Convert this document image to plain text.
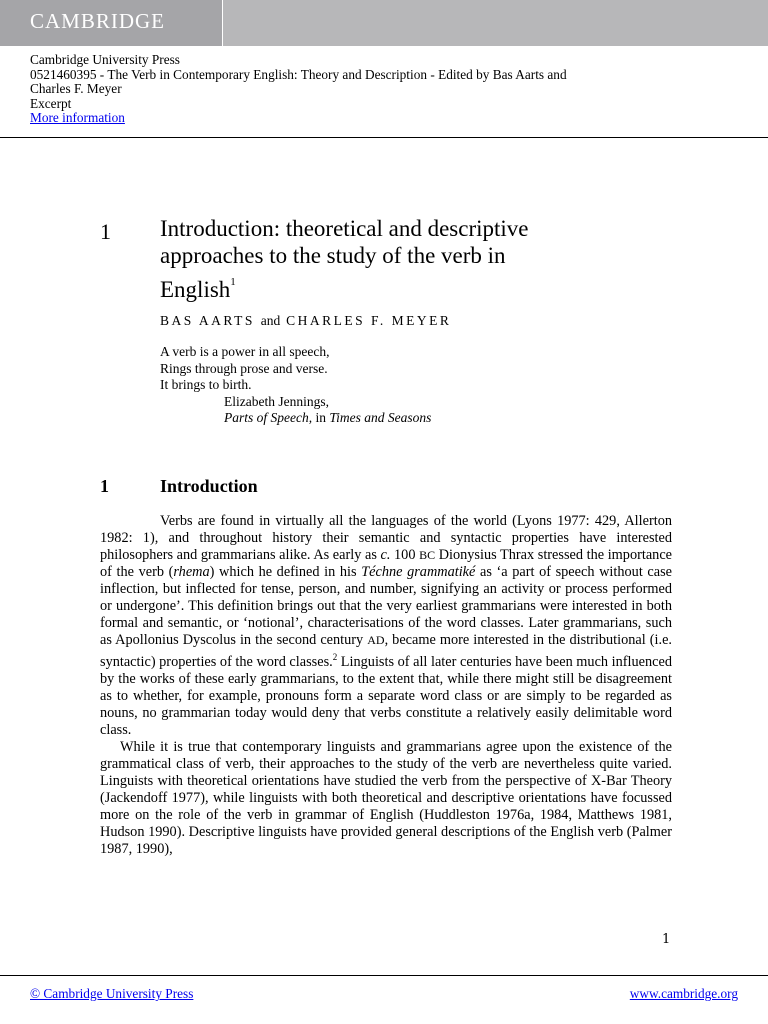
CAMBRIDGE
Cambridge University Press
0521460395 - The Verb in Contemporary English: Theory and Description - Edited by Bas Aarts and
Charles F. Meyer
Excerpt
More information
1 Introduction: theoretical and descriptive
approaches to the study of the verb in
English$^1$
BAS AARTS and CHARLES F. MEYER
A verb is a power in all speech,
Rings through prose and verse.
It brings to birth.
Elizabeth Jennings,
Parts of Speech, in Times and Seasons
1	Introduction

Verbs are found in virtually all the languages of the world (Lyons 1977: 429, Allerton 1982: 1), and throughout history their semantic and syntactic properties have interested philosophers and grammarians alike. As early as c. 100 BC Dionysius Thrax stressed the importance of the verb (rhema) which he defined in his Téchne grammatiké as ‘a part of speech without case inflection, but inflected for tense, person, and number, signifying an activity or process performed or undergone’. This definition brings out that the very earliest grammarians were interested in both formal and semantic, or ‘notional’, characterisations of the word classes. Later grammarians, such as Apollonius Dyscolus in the second century AD, became more interested in the distributional (i.e. syntactic) properties of the word classes.$^2$ Linguists of all later centuries have been much influenced by the works of these early grammarians, to the extent that, while there might still be disagreement as to whether, for example, pronouns form a separate word class or are simply to be regarded as nouns, no grammarian today would deny that verbs constitute a relatively easily delimitable word class.

While it is true that contemporary linguists and grammarians agree upon the existence of the grammatical class of verb, their approaches to the study of the verb are nevertheless quite varied. Linguists with theoretical orientations have studied the verb from the perspective of X-Bar Theory (Jackendoff 1977), while linguists with both theoretical and descriptive orientations have focussed more on the role of the verb in grammar of English (Huddleston 1976a, 1984, Matthews 1981, Hudson 1990). Descriptive linguists have provided general descriptions of the English verb (Palmer 1987, 1990),

1
© Cambridge University Press	www.cambridge.org
